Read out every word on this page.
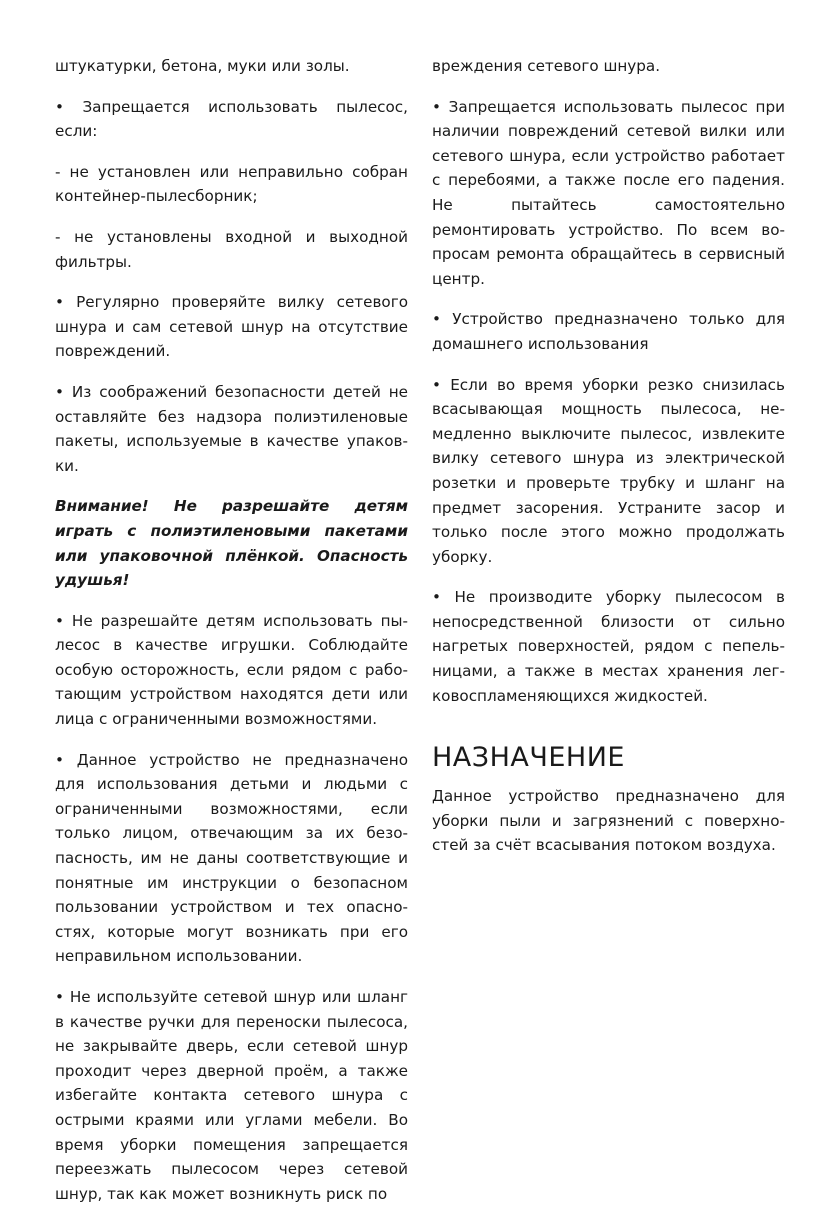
штукатурки, бетона, муки или золы.

• Запрещается использовать пылесос, если:

- не установлен или неправильно собран контейнер-пылесборник;

- не установлены входной и выходной фильтры.

• Регулярно проверяйте вилку сетевого шнура и сам сетевой шнур на отсутствие повреждений.

• Из соображений безопасности детей не оставляйте без надзора полиэтиленовые пакеты, используемые в качестве упаковки.

Внимание! Не разрешайте детям играть с полиэтиленовыми пакетами или упаковочной плёнкой. Опасность удушья!

• Не разрешайте детям использовать пылесос в качестве игрушки. Соблюдайте особую осторожность, если рядом с работающим устройством находятся дети или лица с ограниченными возможностями.

• Данное устройство не предназначено для использования детьми и людьми с ограниченными возможностями, если только лицом, отвечающим за их безопасность, им не даны соответствующие и понятные им инструкции о безопасном пользовании устройством и тех опасностях, которые могут возникать при его неправильном использовании.

• Не используйте сетевой шнур или шланг в качестве ручки для переноски пылесоса, не закрывайте дверь, если сетевой шнур проходит через дверной проём, а также избегайте контакта сетевого шнура с острыми краями или углами мебели. Во время уборки помещения запрещается переезжать пылесосом через сетевой шнур, так как может возникнуть риск по

вреждения сетевого шнура.

• Запрещается использовать пылесос при наличии повреждений сетевой вилки или сетевого шнура, если устройство работает с перебоями, а также после его падения. Не пытайтесь самостоятельно ремонтировать устройство. По всем вопросам ремонта обращайтесь в сервисный центр.

• Устройство предназначено только для домашнего использования

• Если во время уборки резко снизилась всасывающая мощность пылесоса, немедленно выключите пылесос, извлеките вилку сетевого шнура из электрической розетки и проверьте трубку и шланг на предмет засорения. Устраните засор и только после этого можно продолжать уборку.

• Не производите уборку пылесосом в непосредственной близости от сильно нагретых поверхностей, рядом с пепельницами, а также в местах хранения легковоспламеняющихся жидкостей.

НАЗНАЧЕНИЕ

Данное устройство предназначено для уборки пыли и загрязнений с поверхностей за счёт всасывания потоком воздуха.
